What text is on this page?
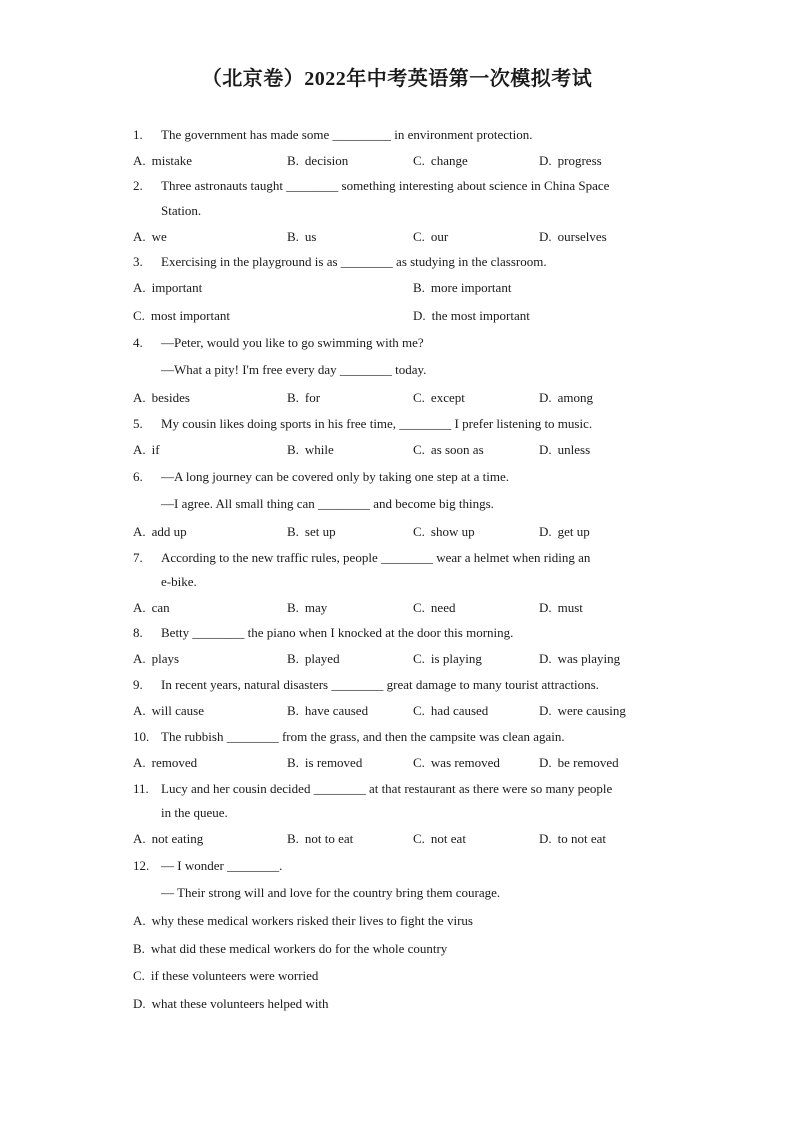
（北京卷）2022年中考英语第一次模拟考试
1. The government has made some _________ in environment protection.
A. mistake	B. decision	C. change	D. progress
2. Three astronauts taught ________ something interesting about science in China Space
Station.
A. we	B. us	C. our	D. ourselves
3. Exercising in the playground is as ________ as studying in the classroom.
A. important	B. more important
C. most important	D. the most important
4. —Peter, would you like to go swimming with me?
—What a pity! I'm free every day ________ today.
A. besides	B. for	C. except	D. among
5. My cousin likes doing sports in his free time, ________ I prefer listening to music.
A. if	B. while	C. as soon as	D. unless
6. —A long journey can be covered only by taking one step at a time.
—I agree. All small thing can ________ and become big things.
A. add up	B. set up	C. show up	D. get up
7. According to the new traffic rules, people ________ wear a helmet when riding an
e-bike.
A. can	B. may	C. need	D. must
8. Betty ________ the piano when I knocked at the door this morning.
A. plays	B. played	C. is playing	D. was playing
9. In recent years, natural disasters ________ great damage to many tourist attractions.
A. will cause	B. have caused	C. had caused	D. were causing
10. The rubbish ________ from the grass, and then the campsite was clean again.
A. removed	B. is removed	C. was removed	D. be removed
11. Lucy and her cousin decided ________ at that restaurant as there were so many people
in the queue.
A. not eating	B. not to eat	C. not eat	D. to not eat
12. — I wonder ________.
— Their strong will and love for the country bring them courage.
A. why these medical workers risked their lives to fight the virus
B. what did these medical workers do for the whole country
C. if these volunteers were worried
D. what these volunteers helped with
